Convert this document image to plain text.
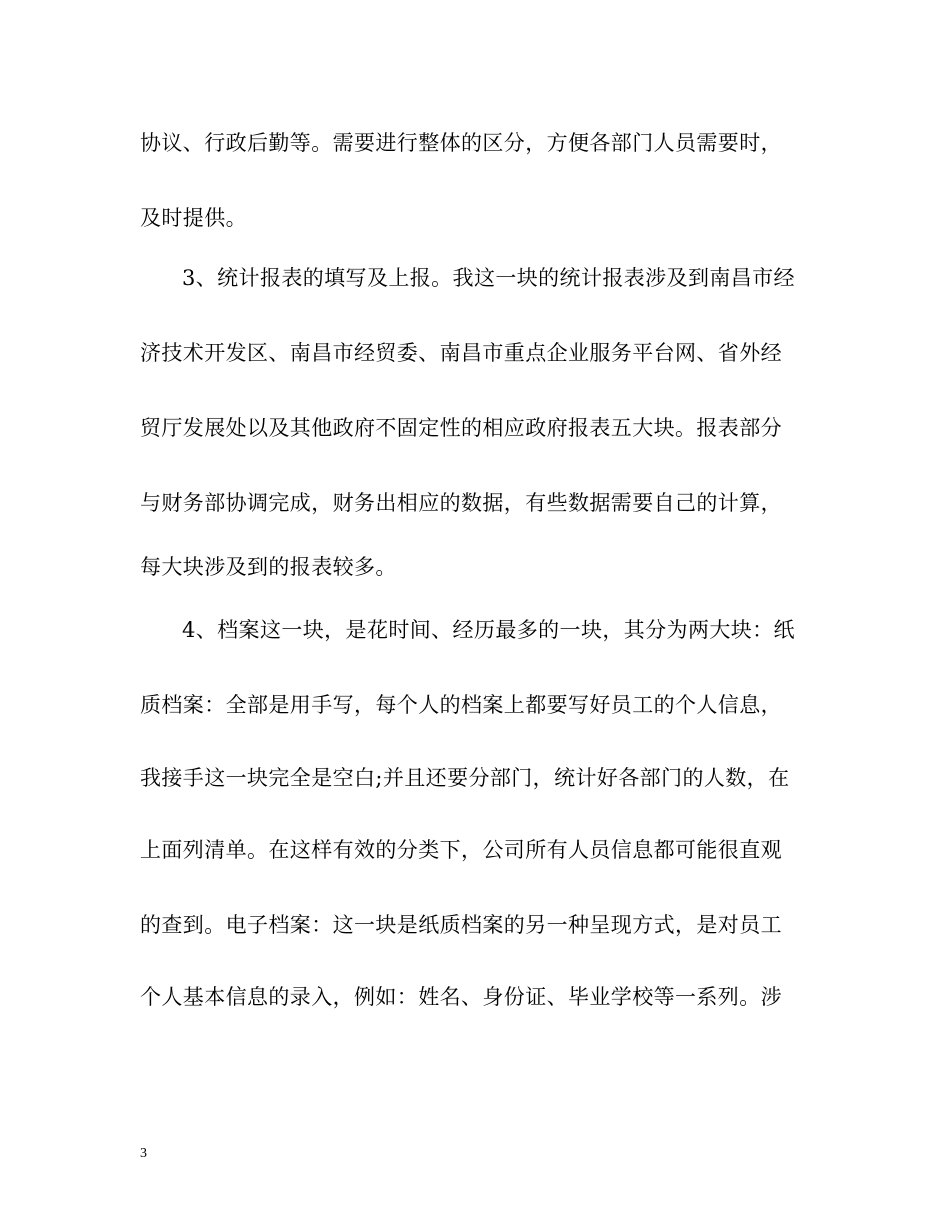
协议、行政后勤等。需要进行整体的区分，方便各部门人员需要时，
及时提供。
3、统计报表的填写及上报。我这一块的统计报表涉及到南昌市经
济技术开发区、南昌市经贸委、南昌市重点企业服务平台网、省外经
贸厅发展处以及其他政府不固定性的相应政府报表五大块。报表部分
与财务部协调完成，财务出相应的数据，有些数据需要自己的计算，
每大块涉及到的报表较多。
4、档案这一块，是花时间、经历最多的一块，其分为两大块：纸
质档案：全部是用手写，每个人的档案上都要写好员工的个人信息，
我接手这一块完全是空白;并且还要分部门，统计好各部门的人数，在
上面列清单。在这样有效的分类下，公司所有人员信息都可能很直观
的查到。电子档案：这一块是纸质档案的另一种呈现方式，是对员工
个人基本信息的录入，例如：姓名、身份证、毕业学校等一系列。涉
3
